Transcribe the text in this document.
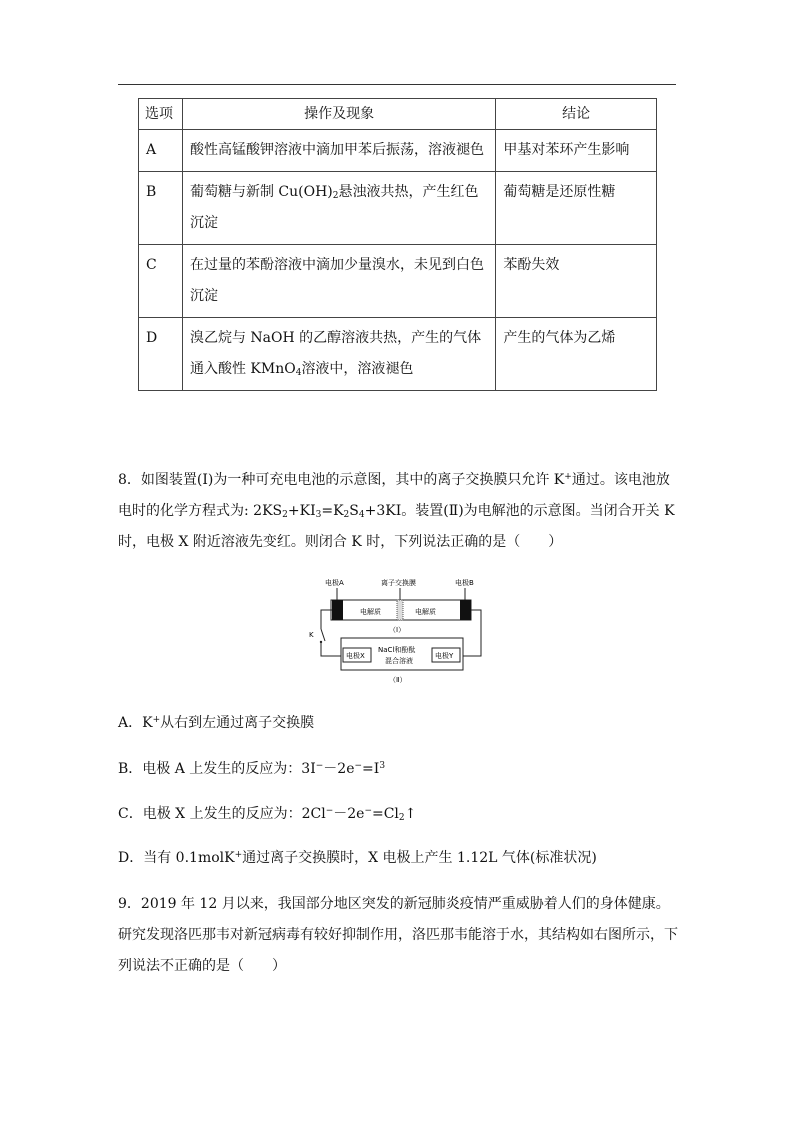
选项	操作及现象	结论
A	酸性高锰酸钾溶液中滴加甲苯后振荡，溶液褪色	甲基对苯环产生影响
B	葡萄糖与新制 $Cu(OH)_2$悬浊液共热，产生红色沉淀	葡萄糖是还原性糖
C	在过量的苯酚溶液中滴加少量溴水，未见到白色沉淀	苯酚失效
D	溴乙烷与 NaOH 的乙醇溶液共热，产生的气体通入酸性 KMnO$_4$溶液中，溶液褪色	产生的气体为乙烯

8．如图装置(Ⅰ)为一种可充电电池的示意图，其中的离子交换膜只允许 K+通过。该电池放电时的化学方程式为: $2KS_2+KI_3=K_2S_4+3KI$。装置(Ⅱ)为电解池的示意图。当闭合开关 K 时，电极 X 附近溶液先变红。则闭合 K 时，下列说法正确的是（　　）

电极A	离子交换膜	电极B
电解质	电解质
（Ⅰ）
K
电极X
NaCl和酚酞
混合溶液
电极Y
（Ⅱ）

A．K+从右到左通过离子交换膜

B．电极 A 上发生的反应为：$3I^--2e^-=I^3$

C．电极 X 上发生的反应为：$2Cl^--2e^-=Cl_2↑$

D．当有 0.1molK+通过离子交换膜时，X 电极上产生 1.12L 气体(标准状况)

9．2019 年 12 月以来，我国部分地区突发的新冠肺炎疫情严重威胁着人们的身体健康。研究发现洛匹那韦对新冠病毒有较好抑制作用，洛匹那韦能溶于水，其结构如右图所示，下列说法不正确的是（　　）
